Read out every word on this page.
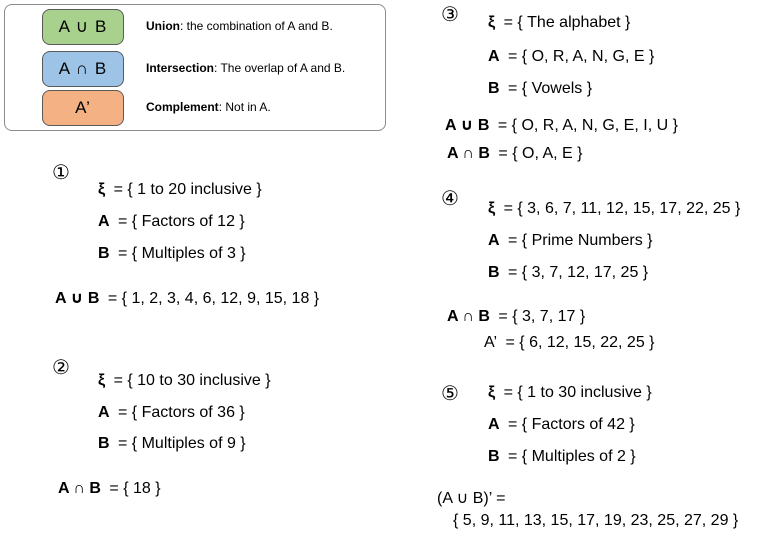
A ∪ B	Union: the combination of A and B.
A ∩ B	Intersection: The overlap of A and B.
A’	Complement: Not in A.
①
ξ = { 1 to 20 inclusive }
A = { Factors of 12 }
B = { Multiples of 3 }
A ∪ B = { 1, 2, 3, 4, 6, 12, 9, 15, 18 }
②
ξ = { 10 to 30 inclusive }
A = { Factors of 36 }
B = { Multiples of 9 }
A ∩ B = { 18 }
③ ξ = { The alphabet }
A = { O, R, A, N, G, E }
B = { Vowels }
A ∪ B = { O, R, A, N, G, E, I, U }
A ∩ B = { O, A, E }
④ ξ = { 3, 6, 7, 11, 12, 15, 17, 22, 25 }
A = { Prime Numbers }
B = { 3, 7, 12, 17, 25 }
A ∩ B = { 3, 7, 17 }
A’ = { 6, 12, 15, 22, 25 }
⑤ ξ = { 1 to 30 inclusive }
A = { Factors of 42 }
B = { Multiples of 2 }
(A ∪ B)’ =
{ 5, 9, 11, 13, 15, 17, 19, 23, 25, 27, 29 }
